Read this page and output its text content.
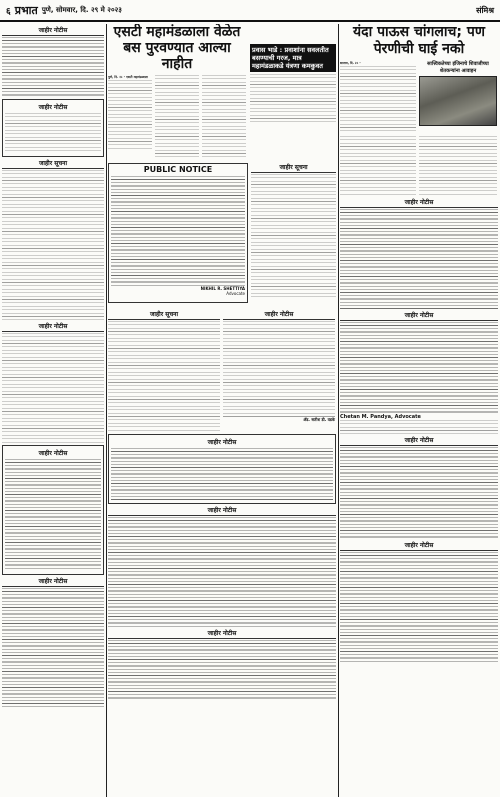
६ प्रभात पुणे, सोमवार, दि. २९ मे २०२३	संमिश्र
जाहीर नोटीस
जाहीर नोटीस
जाहीर सूचना
जाहीर नोटीस
जाहीर नोटीस
जाहीर नोटीस
एसटी महामंडळाला वेळेत बस पुरवण्यात आल्या नाहीत
पुणे, दि. २८ - एसटी महामंडळाला
प्रवास भाडे : प्रवाशांना सवलतीत बसण्याची गरज, मात्र महामंडळाकडे यंत्रणा कमकुवत
PUBLIC NOTICE
NIKHIL R. SHETTIYA
Advocate
जाहीर सूचना
जाहीर सूचना	जाहीर नोटीस
ॲड. सतीश डी. वडके
जाहीर नोटीस
जाहीर नोटीस
जाहीर नोटीस
यंदा पाऊस चांगलाच; पण पेरणीची घाई नको
सातारा, दि. २८ -	सात्त्विकतेच्या इंजिनाचे शिवाजीच्या शेतकऱ्यांना आवाहन
जाहीर नोटीस
जाहीर नोटीस
Chetan M. Pandya, Advocate
जाहीर नोटीस
जाहीर नोटीस
